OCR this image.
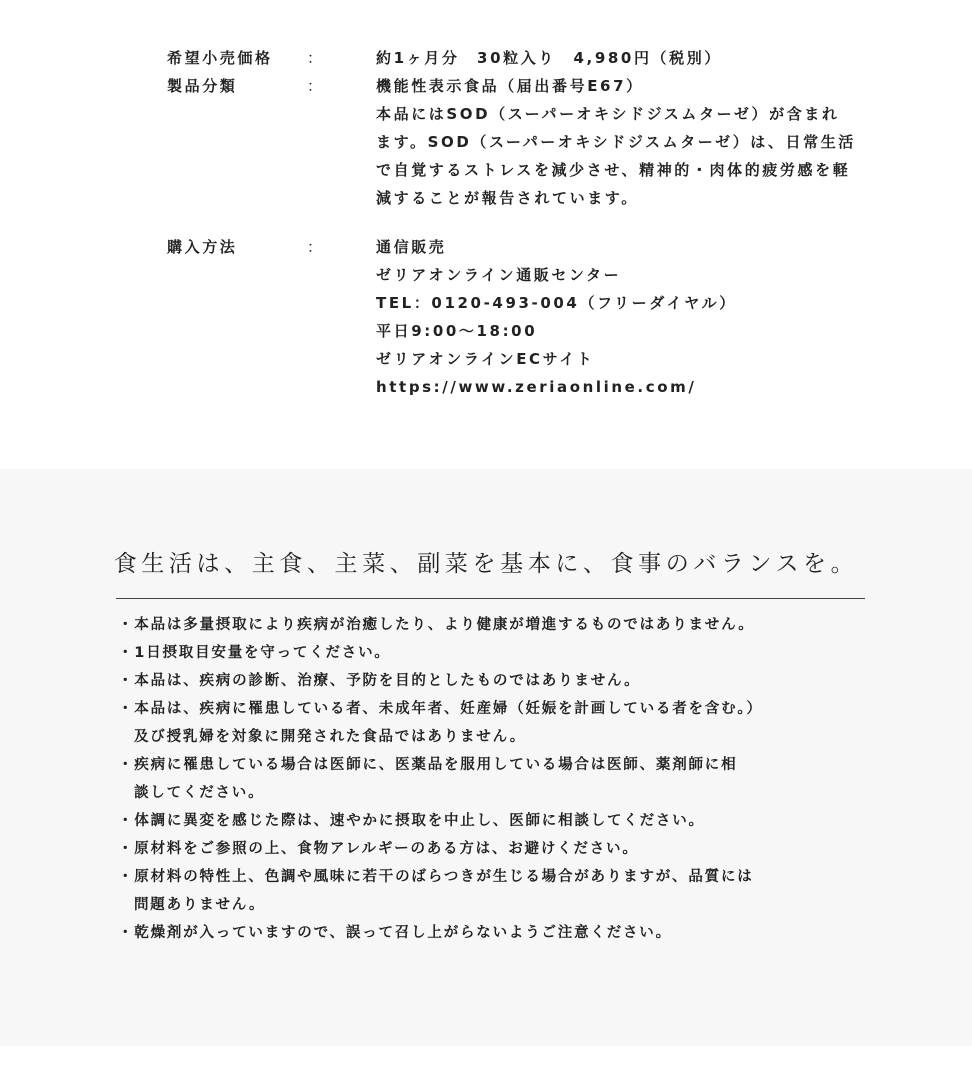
希望小売価格	：	約1ヶ月分　30粒入り　4,980円（税別）
製品分類	：	機能性表示食品（届出番号E67）
本品にはSOD（スーパーオキシドジスムターゼ）が含まれ
ます。SOD（スーパーオキシドジスムターゼ）は、日常生活
で自覚するストレスを減少させ、精神的・肉体的疲労感を軽
減することが報告されています。
購入方法	：	通信販売
ゼリアオンライン通販センター
TEL：0120-493-004（フリーダイヤル）
平日9:00～18:00
ゼリアオンラインECサイト
https://www.zeriaonline.com/
食生活は、主食、主菜、副菜を基本に、食事のバランスを。
・本品は多量摂取により疾病が治癒したり、より健康が増進するものではありません。
・1日摂取目安量を守ってください。
・本品は、疾病の診断、治療、予防を目的としたものではありません。
・本品は、疾病に罹患している者、未成年者、妊産婦（妊娠を計画している者を含む。）
及び授乳婦を対象に開発された食品ではありません。
・疾病に罹患している場合は医師に、医薬品を服用している場合は医師、薬剤師に相
談してください。
・体調に異変を感じた際は、速やかに摂取を中止し、医師に相談してください。
・原材料をご参照の上、食物アレルギーのある方は、お避けください。
・原材料の特性上、色調や風味に若干のばらつきが生じる場合がありますが、品質には
問題ありません。
・乾燥剤が入っていますので、誤って召し上がらないようご注意ください。
